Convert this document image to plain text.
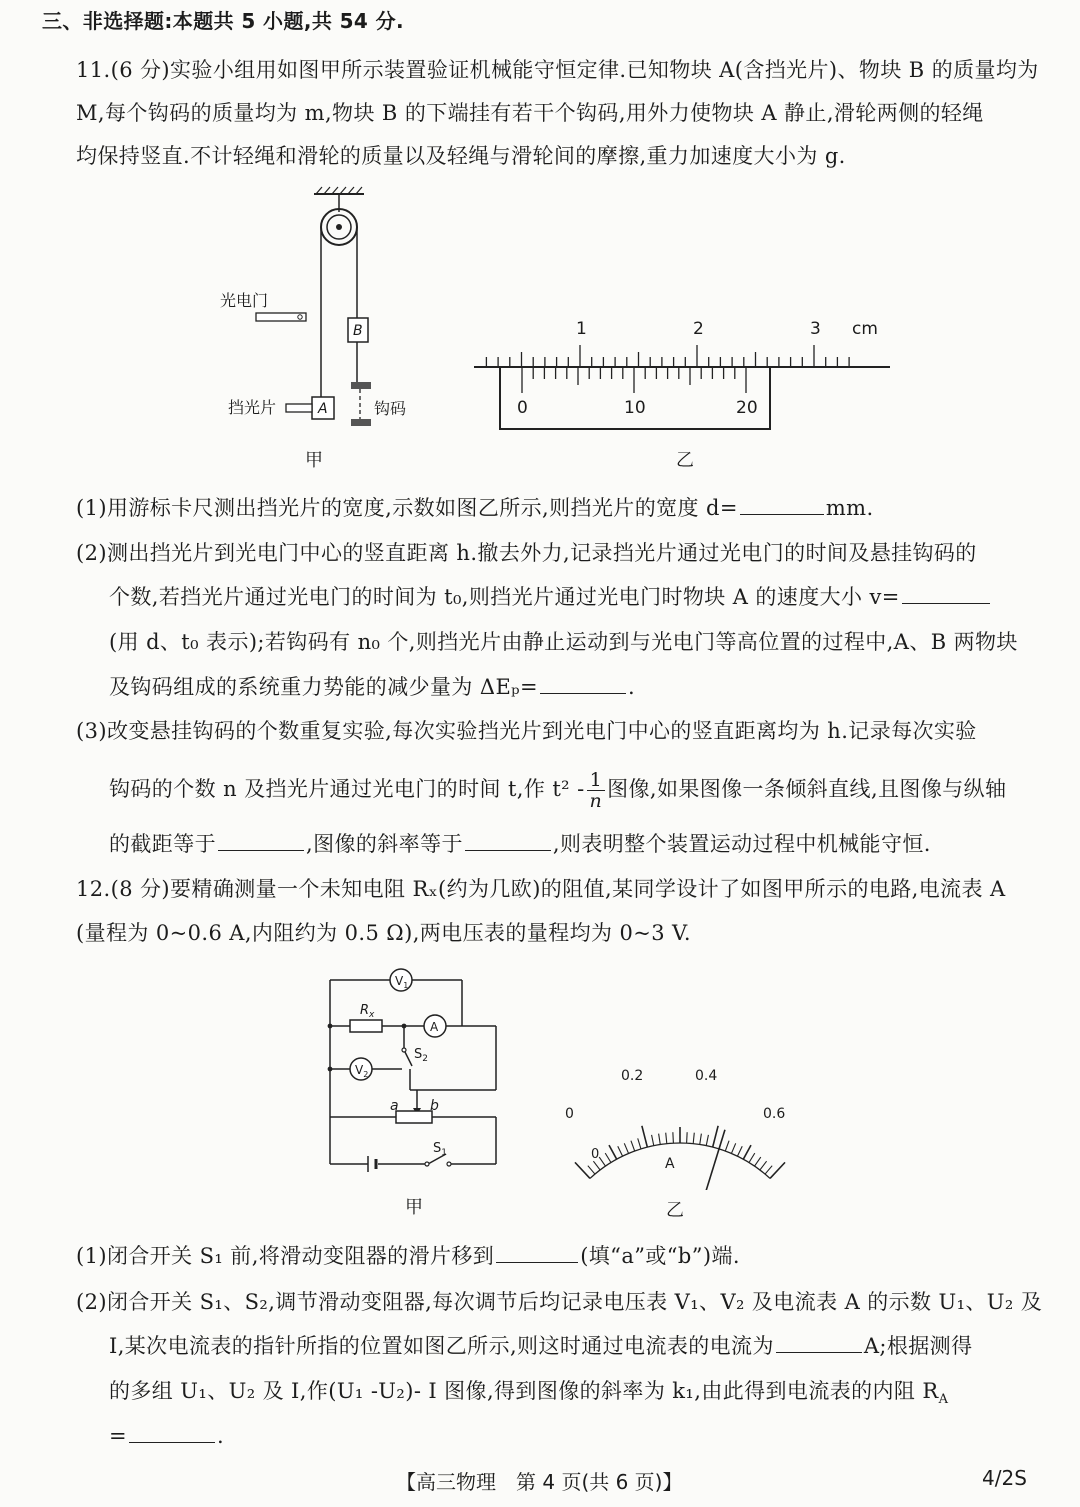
三、非选择题:本题共 5 小题,共 54 分.
11.(6 分)实验小组用如图甲所示装置验证机械能守恒定律.已知物块 A(含挡光片)、物块 B 的质量均为
M,每个钩码的质量均为 m,物块 B 的下端挂有若干个钩码,用外力使物块 A 静止,滑轮两侧的轻绳
均保持竖直.不计轻绳和滑轮的质量以及轻绳与滑轮间的摩擦,重力加速度大小为 g.
B
A
挡光片
光电门
钩码
甲
1	2	3 cm
0	10	20
乙
(1)用游标卡尺测出挡光片的宽度,示数如图乙所示,则挡光片的宽度 d=	mm.
(2)测出挡光片到光电门中心的竖直距离 h.撤去外力,记录挡光片通过光电门的时间及悬挂钩码的
个数,若挡光片通过光电门的时间为 t₀,则挡光片通过光电门时物块 A 的速度大小 v=
(用 d、t₀ 表示);若钩码有 n₀ 个,则挡光片由静止运动到与光电门等高位置的过程中,A、B 两物块
及钩码组成的系统重力势能的减少量为 ΔEₚ=	.
(3)改变悬挂钩码的个数重复实验,每次实验挡光片到光电门中心的竖直距离均为 h.记录每次实验
钩码的个数 n 及挡光片通过光电门的时间 t,作 $t^2 - \frac{1}{n}$ 图像,如果图像一条倾斜直线,且图像与纵轴
的截距等于	,图像的斜率等于	,则表明整个装置运动过程中机械能守恒.
12.(8 分)要精确测量一个未知电阻 Rₓ(约为几欧)的阻值,某同学设计了如图甲所示的电路,电流表 A
(量程为 0~0.6 A,内阻约为 0.5 Ω),两电压表的量程均为 0~3 V.
$R_x$
a b
$V_1$
A
$V_2$
$S_2$
$S_1$
甲
0
0.2	0.4
0.6
0
A
乙
(1)闭合开关 S₁ 前,将滑动变阻器的滑片移到	(填“a”或“b”)端.
(2)闭合开关 S₁、S₂,调节滑动变阻器,每次调节后均记录电压表 V₁、V₂ 及电流表 A 的示数 U₁、U₂ 及
I,某次电流表的指针所指的位置如图乙所示,则这时通过电流表的电流为	A;根据测得
的多组 U₁、U₂ 及 I,作(U₁ -U₂)- I 图像,得到图像的斜率为 k₁,由此得到电流表的内阻 $R_A$
=	.
【高三物理　第 4 页(共 6 页)】	4/2S
